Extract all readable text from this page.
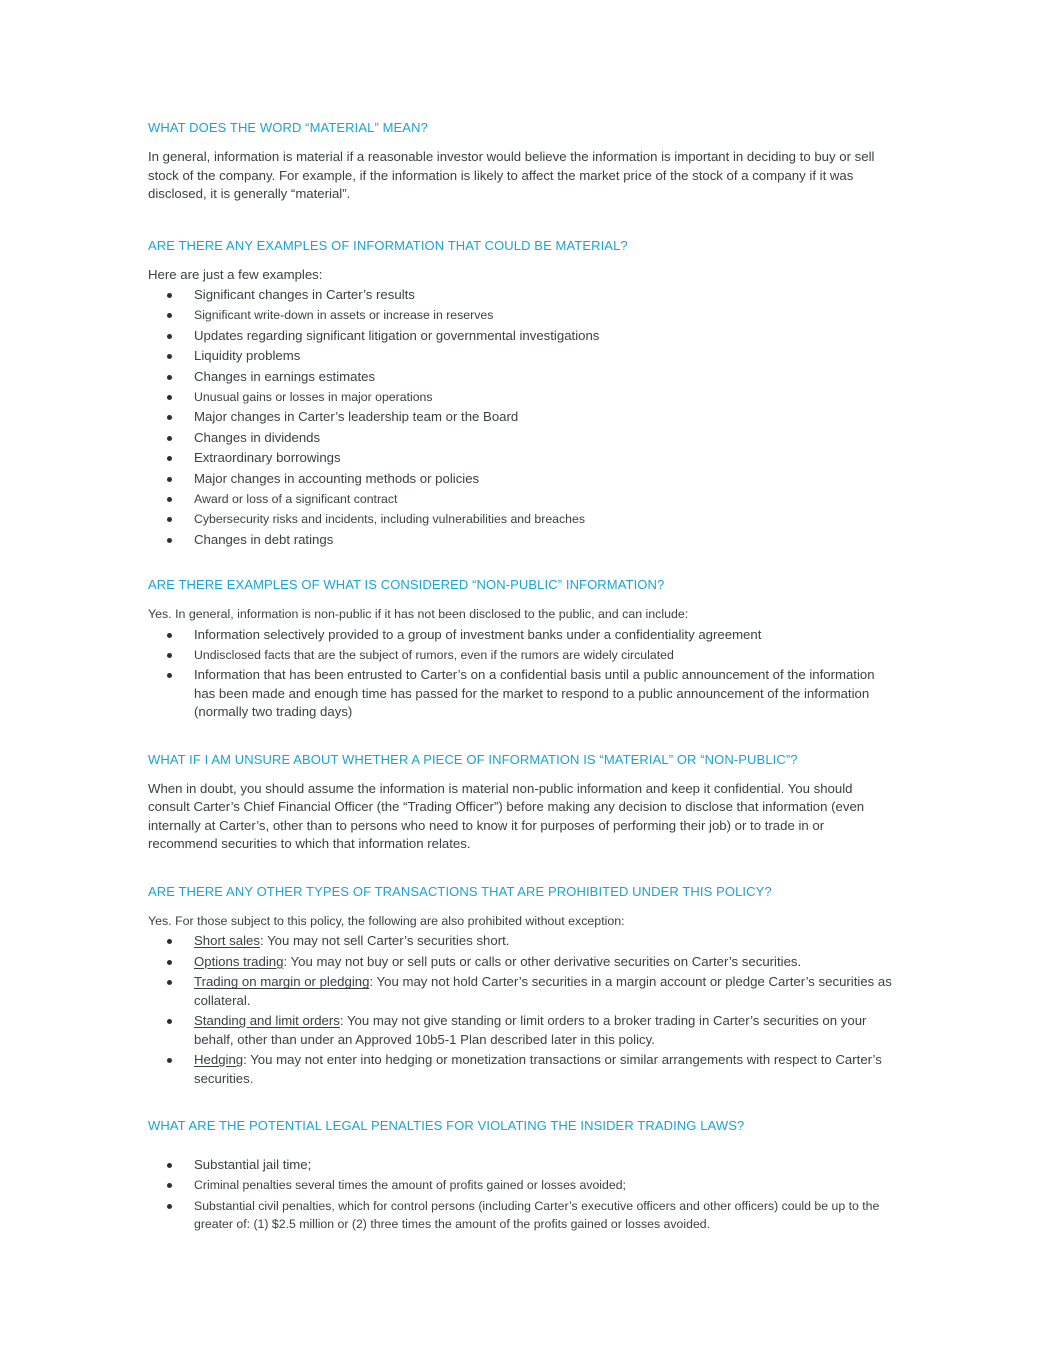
WHAT DOES THE WORD “MATERIAL” MEAN?

In general, information is material if a reasonable investor would believe the information is important in deciding to buy or sell stock of the company. For example, if the information is likely to affect the market price of the stock of a company if it was disclosed, it is generally “material”.

ARE THERE ANY EXAMPLES OF INFORMATION THAT COULD BE MATERIAL?

Here are just a few examples:

Significant changes in Carter’s results
Significant write-down in assets or increase in reserves
Updates regarding significant litigation or governmental investigations
Liquidity problems
Changes in earnings estimates
Unusual gains or losses in major operations
Major changes in Carter’s leadership team or the Board
Changes in dividends
Extraordinary borrowings
Major changes in accounting methods or policies
Award or loss of a significant contract
Cybersecurity risks and incidents, including vulnerabilities and breaches
Changes in debt ratings
ARE THERE EXAMPLES OF WHAT IS CONSIDERED “NON-PUBLIC” INFORMATION?

Yes. In general, information is non-public if it has not been disclosed to the public, and can include:

Information selectively provided to a group of investment banks under a confidentiality agreement
Undisclosed facts that are the subject of rumors, even if the rumors are widely circulated
Information that has been entrusted to Carter’s on a confidential basis until a public announcement of the information has been made and enough time has passed for the market to respond to a public announcement of the information (normally two trading days)
WHAT IF I AM UNSURE ABOUT WHETHER A PIECE OF INFORMATION IS “MATERIAL” OR “NON-PUBLIC”?

When in doubt, you should assume the information is material non-public information and keep it confidential. You should consult Carter’s Chief Financial Officer (the “Trading Officer”) before making any decision to disclose that information (even internally at Carter’s, other than to persons who need to know it for purposes of performing their job) or to trade in or recommend securities to which that information relates.

ARE THERE ANY OTHER TYPES OF TRANSACTIONS THAT ARE PROHIBITED UNDER THIS POLICY?

Yes. For those subject to this policy, the following are also prohibited without exception:

Short sales: You may not sell Carter’s securities short.
Options trading: You may not buy or sell puts or calls or other derivative securities on Carter’s securities.
Trading on margin or pledging: You may not hold Carter’s securities in a margin account or pledge Carter’s securities as collateral.
Standing and limit orders: You may not give standing or limit orders to a broker trading in Carter’s securities on your behalf, other than under an Approved 10b5-1 Plan described later in this policy.
Hedging: You may not enter into hedging or monetization transactions or similar arrangements with respect to Carter’s securities.
WHAT ARE THE POTENTIAL LEGAL PENALTIES FOR VIOLATING THE INSIDER TRADING LAWS?
Substantial jail time;
Criminal penalties several times the amount of profits gained or losses avoided;
Substantial civil penalties, which for control persons (including Carter’s executive officers and other officers) could be up to the greater of: (1) $2.5 million or (2) three times the amount of the profits gained or losses avoided.
